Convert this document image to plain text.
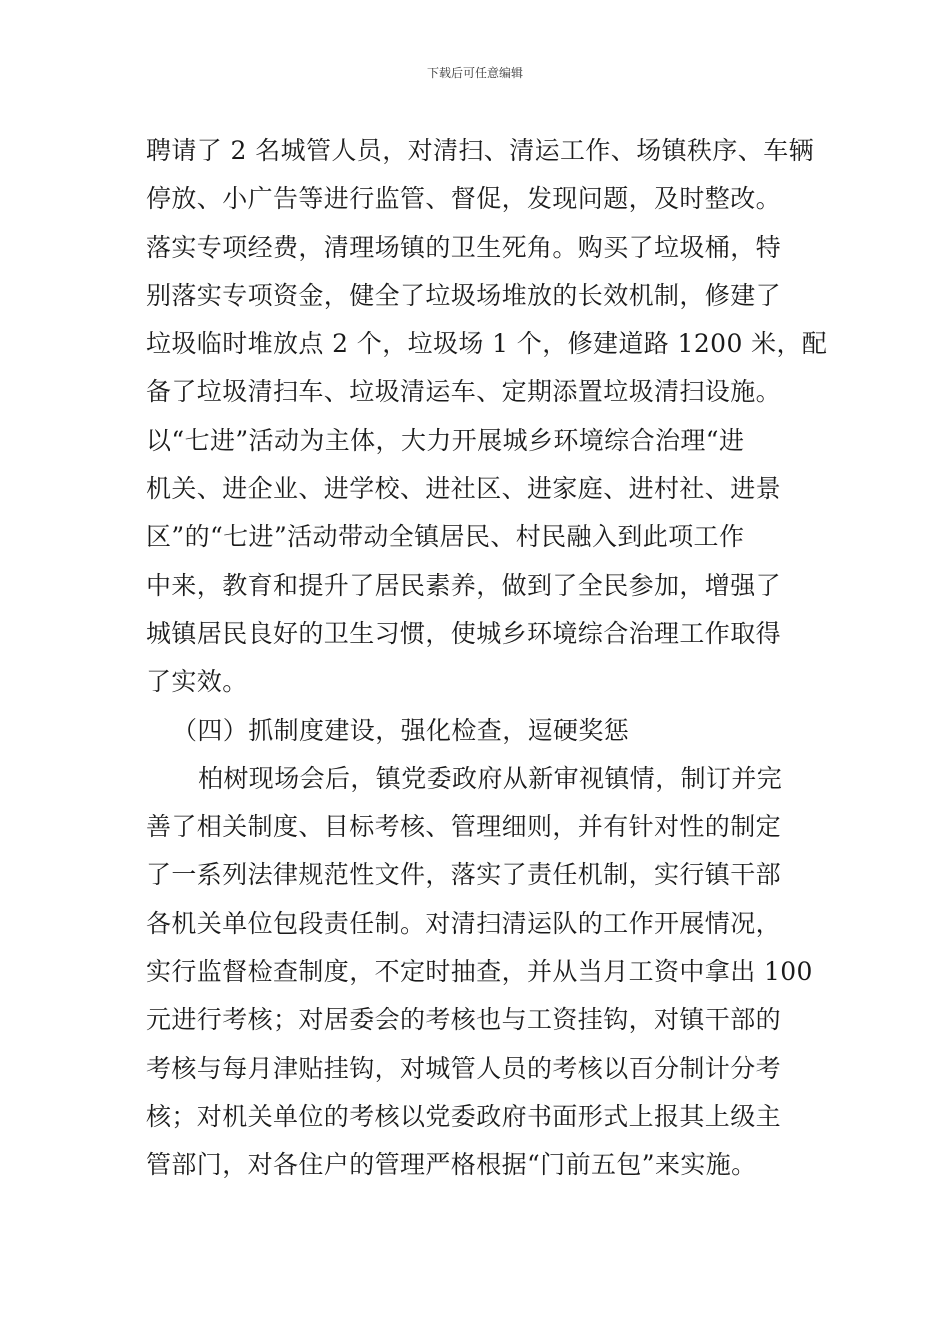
下载后可任意编辑
聘请了 2 名城管人员，对清扫、清运工作、场镇秩序、车辆
停放、小广告等进行监管、督促，发现问题，及时整改。
落实专项经费，清理场镇的卫生死角。购买了垃圾桶，特
别落实专项资金，健全了垃圾场堆放的长效机制，修建了
垃圾临时堆放点 2 个，垃圾场 1 个，修建道路 1200 米，配
备了垃圾清扫车、垃圾清运车、定期添置垃圾清扫设施。
以“七进”活动为主体，大力开展城乡环境综合治理“进
机关、进企业、进学校、进社区、进家庭、进村社、进景
区”的“七进”活动带动全镇居民、村民融入到此项工作
中来，教育和提升了居民素养，做到了全民参加，增强了
城镇居民良好的卫生习惯，使城乡环境综合治理工作取得
了实效。
（四）抓制度建设，强化检查，逗硬奖惩
柏树现场会后，镇党委政府从新审视镇情，制订并完
善了相关制度、目标考核、管理细则，并有针对性的制定
了一系列法律规范性文件，落实了责任机制，实行镇干部
各机关单位包段责任制。对清扫清运队的工作开展情况，
实行监督检查制度，不定时抽查，并从当月工资中拿出 100
元进行考核；对居委会的考核也与工资挂钩，对镇干部的
考核与每月津贴挂钩，对城管人员的考核以百分制计分考
核；对机关单位的考核以党委政府书面形式上报其上级主
管部门，对各住户的管理严格根据“门前五包”来实施。
